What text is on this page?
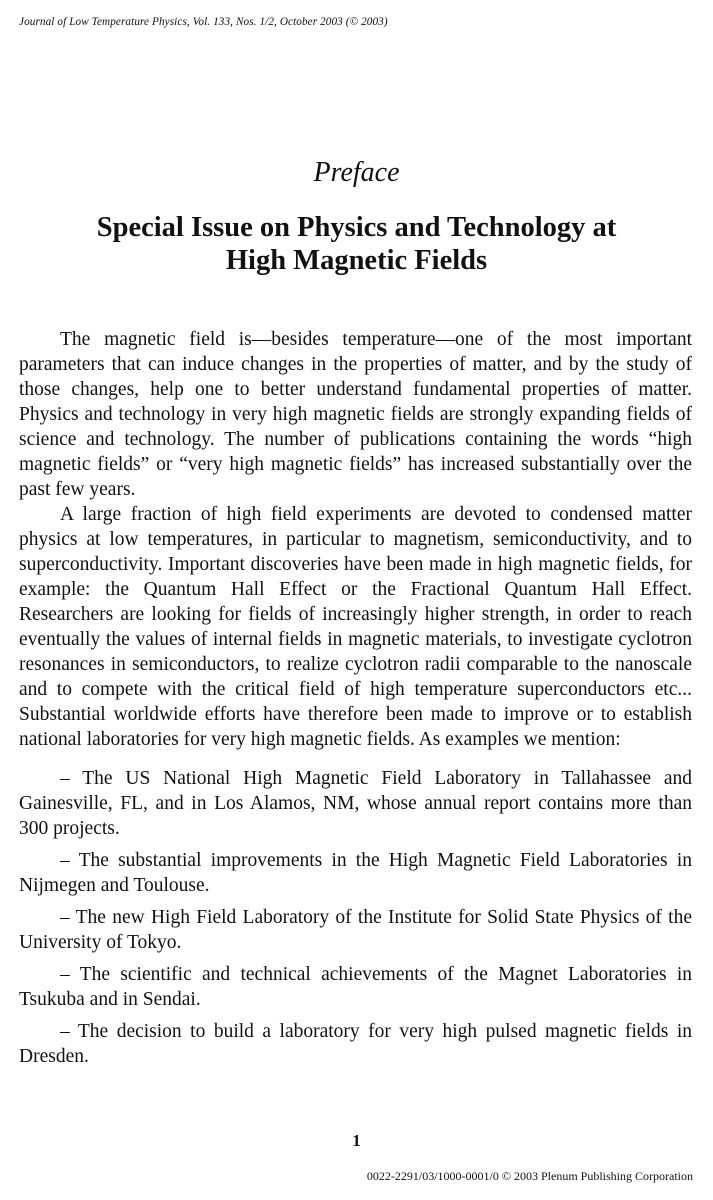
Journal of Low Temperature Physics, Vol. 133, Nos. 1/2, October 2003 (© 2003)
Preface
Special Issue on Physics and Technology at
High Magnetic Fields

The magnetic field is—besides temperature—one of the most important parameters that can induce changes in the properties of matter, and by the study of those changes, help one to better understand fundamental properties of matter. Physics and technology in very high magnetic fields are strongly expanding fields of science and technology. The number of publications containing the words “high magnetic fields” or “very high magnetic fields” has increased substantially over the past few years.

A large fraction of high field experiments are devoted to condensed matter physics at low temperatures, in particular to magnetism, semiconductivity, and to superconductivity. Important discoveries have been made in high magnetic fields, for example: the Quantum Hall Effect or the Fractional Quantum Hall Effect. Researchers are looking for fields of increasingly higher strength, in order to reach eventually the values of internal fields in magnetic materials, to investigate cyclotron resonances in semiconductors, to realize cyclotron radii comparable to the nanoscale and to compete with the critical field of high temperature superconductors etc... Substantial worldwide efforts have therefore been made to improve or to establish national laboratories for very high magnetic fields. As examples we mention:

– The US National High Magnetic Field Laboratory in Tallahassee and Gainesville, FL, and in Los Alamos, NM, whose annual report contains more than 300 projects.

– The substantial improvements in the High Magnetic Field Laboratories in Nijmegen and Toulouse.

– The new High Field Laboratory of the Institute for Solid State Physics of the University of Tokyo.

– The scientific and technical achievements of the Magnet Laboratories in Tsukuba and in Sendai.

– The decision to build a laboratory for very high pulsed magnetic fields in Dresden.

1
0022-2291/03/1000-0001/0 © 2003 Plenum Publishing Corporation
